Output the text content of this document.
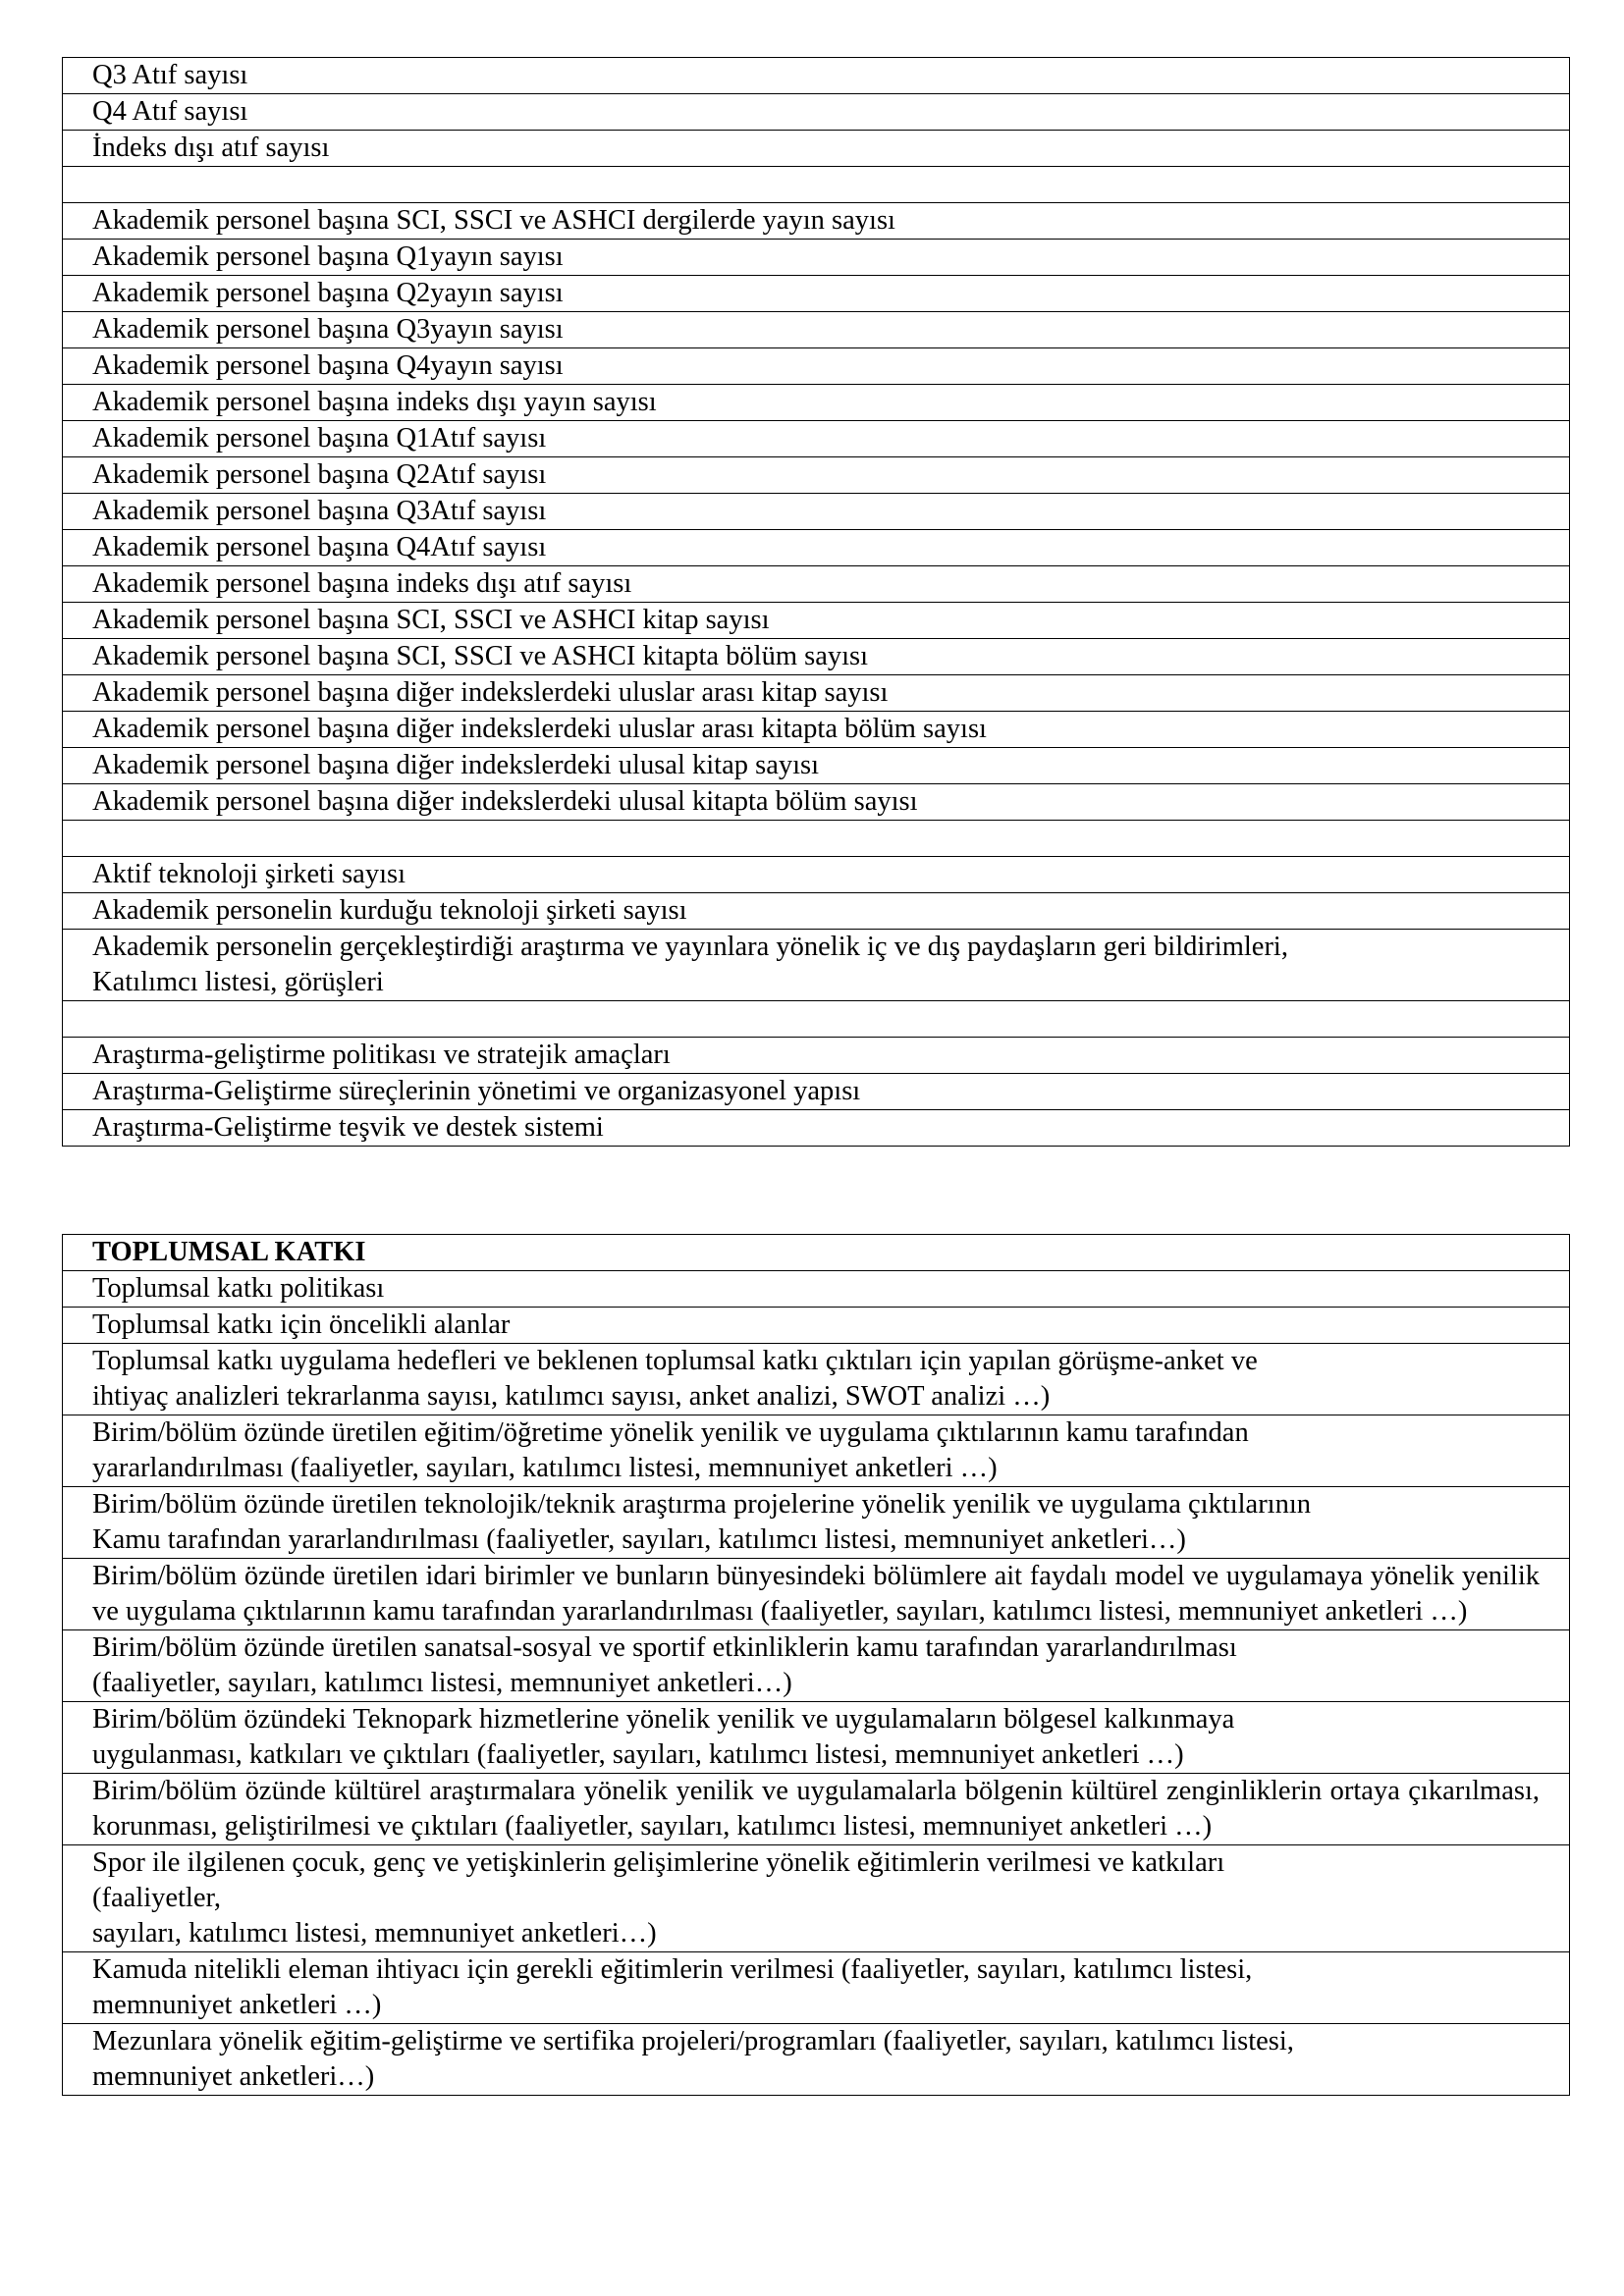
Q3 Atıf sayısı
Q4 Atıf sayısı
İndeks dışı atıf sayısı

Akademik personel başına SCI, SSCI ve ASHCI dergilerde yayın sayısı
Akademik personel başına Q1yayın sayısı
Akademik personel başına Q2yayın sayısı
Akademik personel başına Q3yayın sayısı
Akademik personel başına Q4yayın sayısı
Akademik personel başına indeks dışı yayın sayısı
Akademik personel başına Q1Atıf sayısı
Akademik personel başına Q2Atıf sayısı
Akademik personel başına Q3Atıf sayısı
Akademik personel başına Q4Atıf sayısı
Akademik personel başına indeks dışı atıf sayısı
Akademik personel başına SCI, SSCI ve ASHCI kitap sayısı
Akademik personel başına SCI, SSCI ve ASHCI kitapta bölüm sayısı
Akademik personel başına diğer indekslerdeki uluslar arası kitap sayısı
Akademik personel başına diğer indekslerdeki uluslar arası kitapta bölüm sayısı
Akademik personel başına diğer indekslerdeki ulusal kitap sayısı
Akademik personel başına diğer indekslerdeki ulusal kitapta bölüm sayısı

Aktif teknoloji şirketi sayısı
Akademik personelin kurduğu teknoloji şirketi sayısı
Akademik personelin gerçekleştirdiği araştırma ve yayınlara yönelik iç ve dış paydaşların geri bildirimleri,
Katılımcı listesi, görüşleri

Araştırma-geliştirme politikası ve stratejik amaçları
Araştırma-Geliştirme süreçlerinin yönetimi ve organizasyonel yapısı
Araştırma-Geliştirme teşvik ve destek sistemi
TOPLUMSAL KATKI
Toplumsal katkı politikası
Toplumsal katkı için öncelikli alanlar
Toplumsal katkı uygulama hedefleri ve beklenen toplumsal katkı çıktıları için yapılan görüşme-anket ve
ihtiyaç analizleri tekrarlanma sayısı, katılımcı sayısı, anket analizi, SWOT analizi …)
Birim/bölüm özünde üretilen eğitim/öğretime yönelik yenilik ve uygulama çıktılarının kamu tarafından
yararlandırılması (faaliyetler, sayıları, katılımcı listesi, memnuniyet anketleri …)
Birim/bölüm özünde üretilen teknolojik/teknik araştırma projelerine yönelik yenilik ve uygulama çıktılarının
Kamu tarafından yararlandırılması (faaliyetler, sayıları, katılımcı listesi, memnuniyet anketleri…)
Birim/bölüm özünde üretilen idari birimler ve bunların bünyesindeki bölümlere ait faydalı model ve uygulamaya yönelik yenilik ve uygulama çıktılarının kamu tarafından yararlandırılması (faaliyetler, sayıları, katılımcı listesi, memnuniyet anketleri …)
Birim/bölüm özünde üretilen sanatsal-sosyal ve sportif etkinliklerin kamu tarafından yararlandırılması
(faaliyetler, sayıları, katılımcı listesi, memnuniyet anketleri…)
Birim/bölüm özündeki Teknopark hizmetlerine yönelik yenilik ve uygulamaların bölgesel kalkınmaya
uygulanması, katkıları ve çıktıları (faaliyetler, sayıları, katılımcı listesi, memnuniyet anketleri …)
Birim/bölüm özünde kültürel araştırmalara yönelik yenilik ve uygulamalarla bölgenin kültürel zenginliklerin ortaya çıkarılması, korunması, geliştirilmesi ve çıktıları (faaliyetler, sayıları, katılımcı listesi, memnuniyet anketleri …)
Spor ile ilgilenen çocuk, genç ve yetişkinlerin gelişimlerine yönelik eğitimlerin verilmesi ve katkıları
(faaliyetler,
sayıları, katılımcı listesi, memnuniyet anketleri…)
Kamuda nitelikli eleman ihtiyacı için gerekli eğitimlerin verilmesi (faaliyetler, sayıları, katılımcı listesi,
memnuniyet anketleri …)
Mezunlara yönelik eğitim-geliştirme ve sertifika projeleri/programları (faaliyetler, sayıları, katılımcı listesi,
memnuniyet anketleri…)
